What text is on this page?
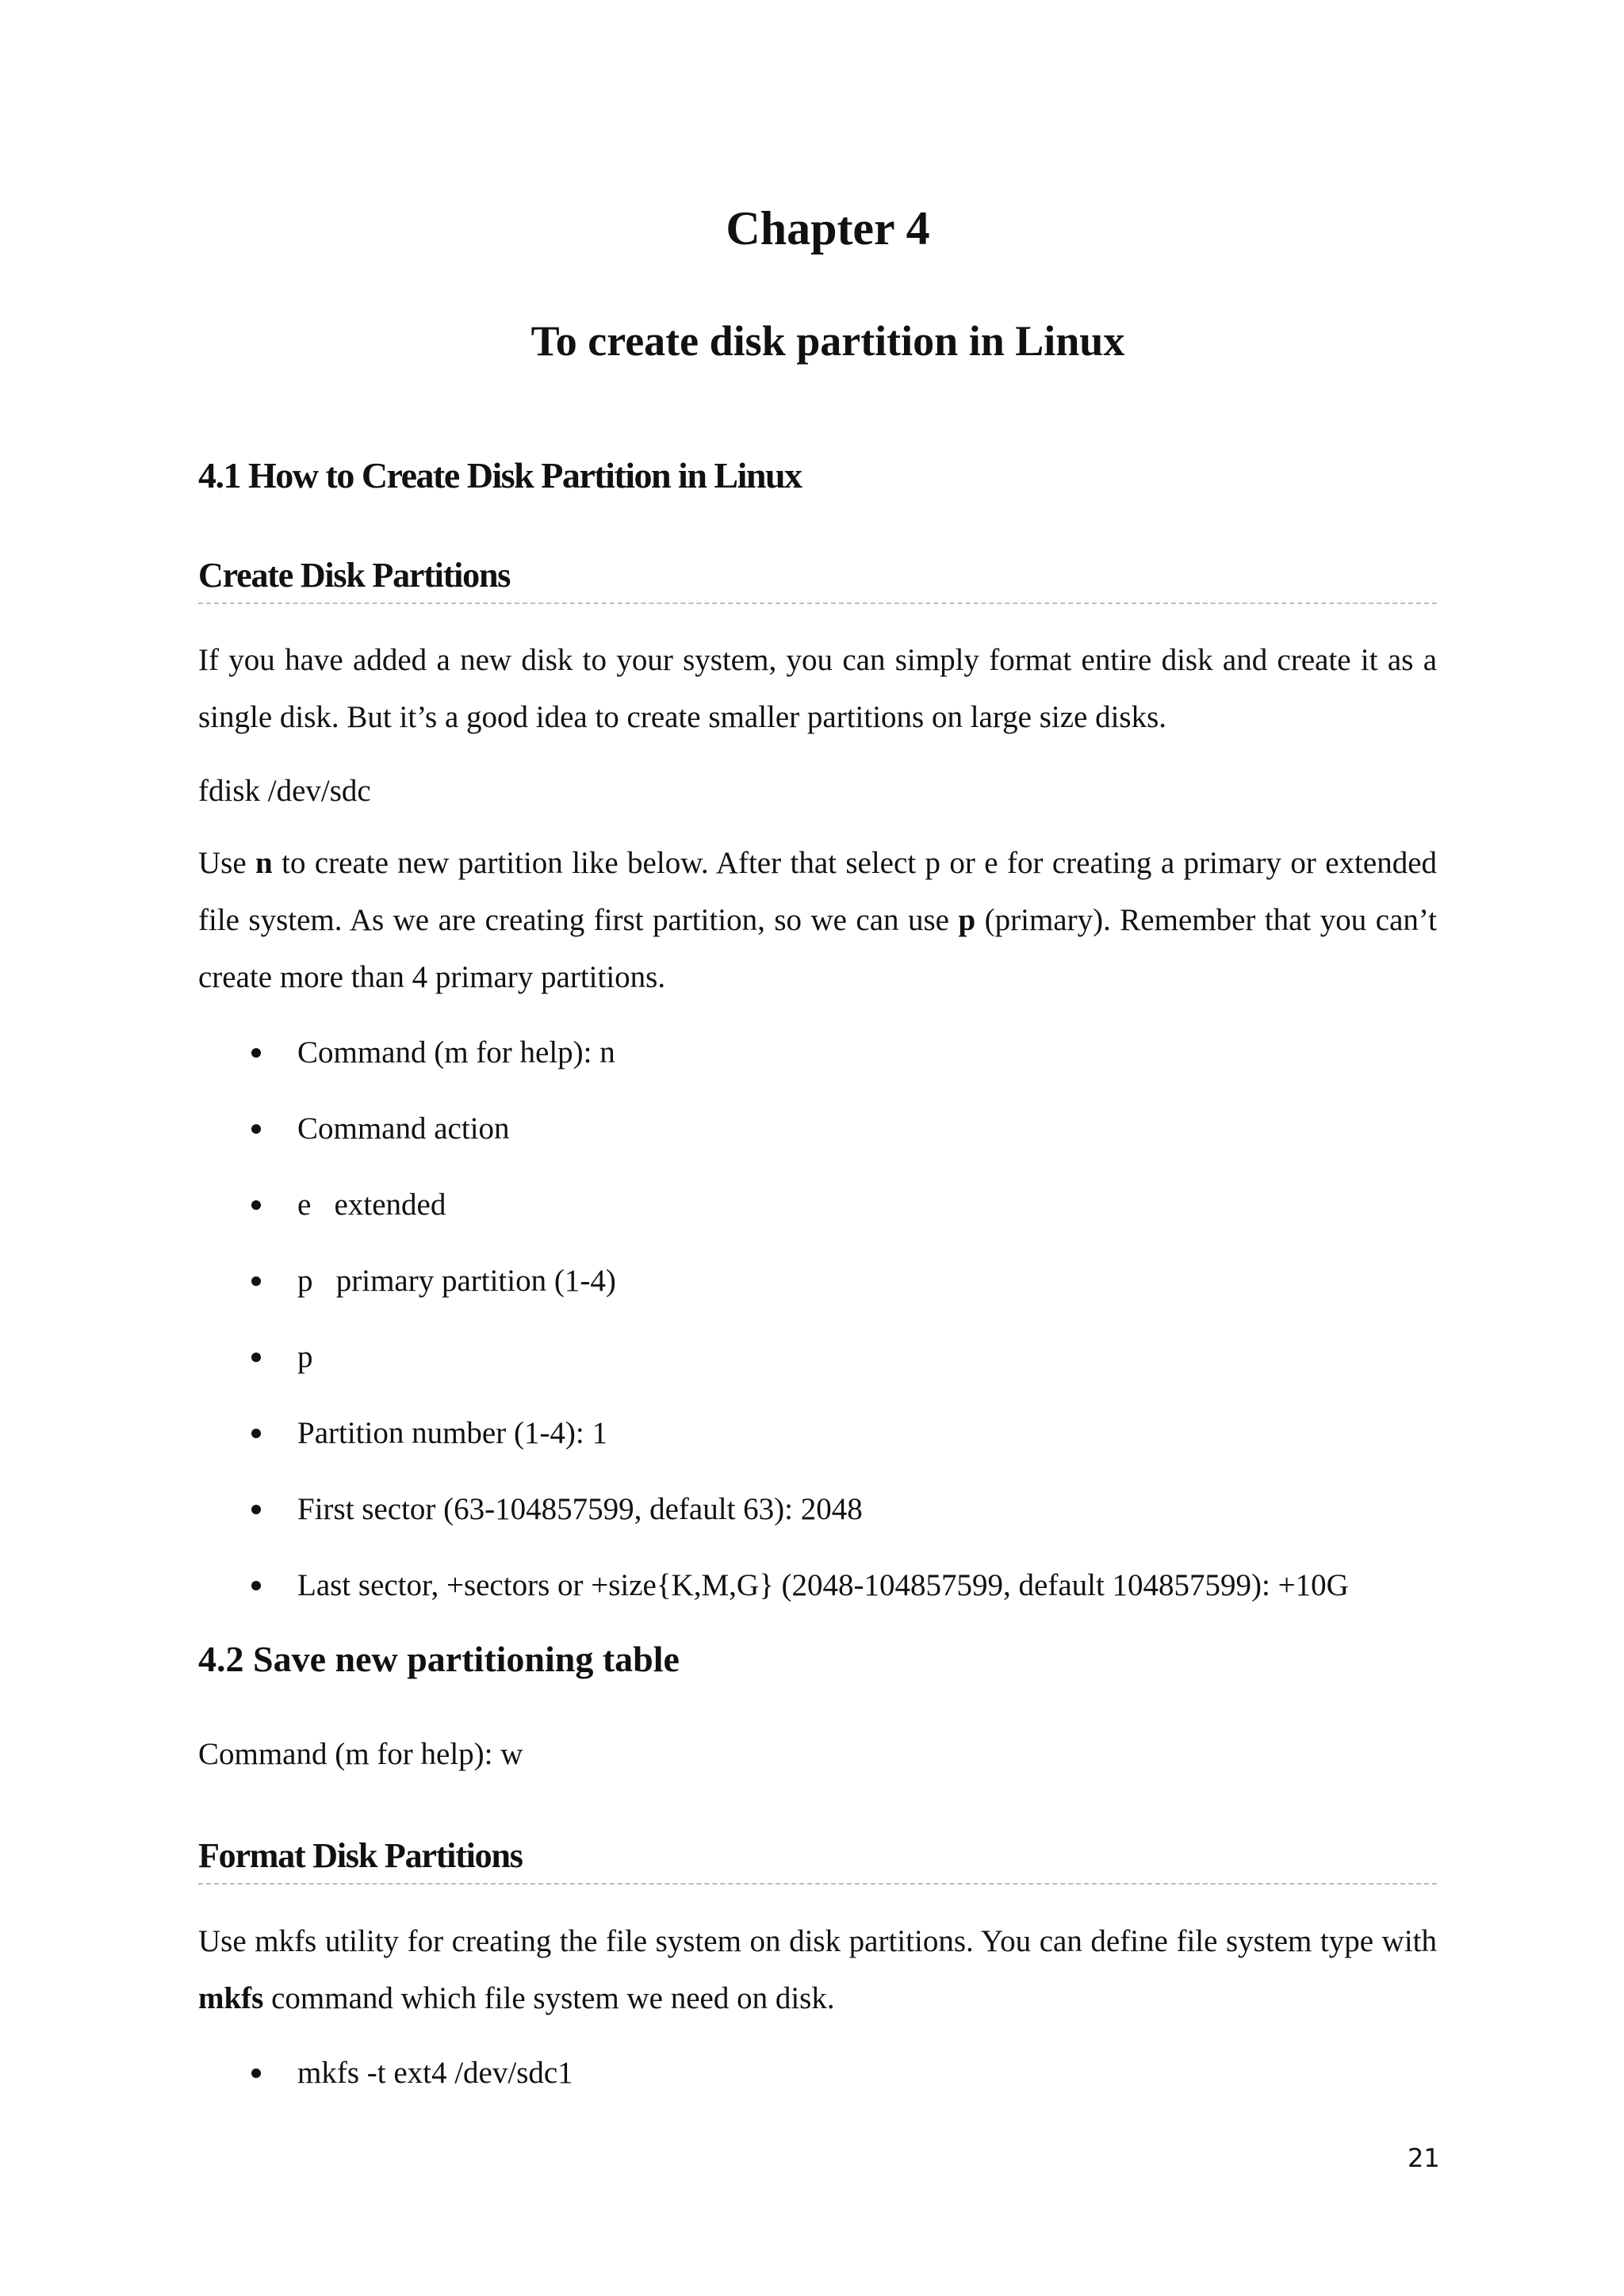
Chapter 4
To create disk partition in Linux
4.1 How to Create Disk Partition in Linux
Create Disk Partitions

If you have added a new disk to your system, you can simply format entire disk and create it as a single disk. But it’s a good idea to create smaller partitions on large size disks.

fdisk /dev/sdc

Use n to create new partition like below. After that select p or e for creating a primary or extended file system. As we are creating first partition, so we can use p (primary). Remember that you can’t create more than 4 primary partitions.

Command (m for help): n
Command action
e   extended
p   primary partition (1-4)
p
Partition number (1-4): 1
First sector (63-104857599, default 63): 2048
Last sector, +sectors or +size{K,M,G} (2048-104857599, default 104857599): +10G
4.2 Save new partitioning table

Command (m for help): w

Format Disk Partitions

Use mkfs utility for creating the file system on disk partitions. You can define file system type with mkfs command which file system we need on disk.

mkfs -t ext4 /dev/sdc1
21
